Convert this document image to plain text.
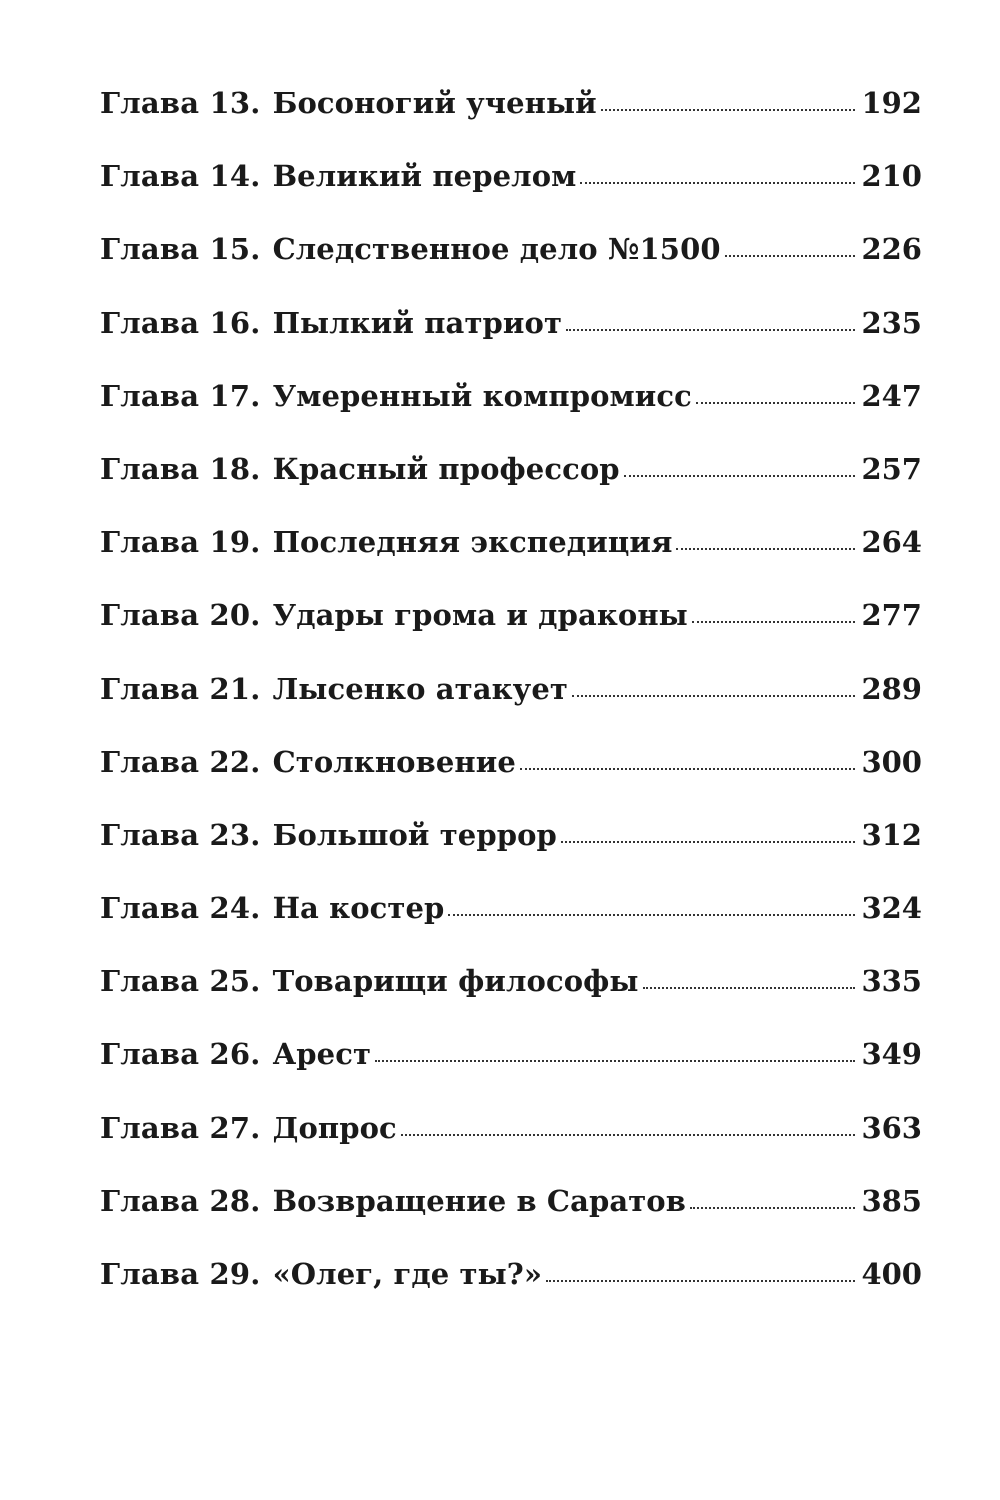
Глава 13. Босоногий ученый	192
Глава 14. Великий перелом	210
Глава 15. Следственное дело №1500	226
Глава 16. Пылкий патриот	235
Глава 17. Умеренный компромисс	247
Глава 18. Красный профессор	257
Глава 19. Последняя экспедиция	264
Глава 20. Удары грома и драконы	277
Глава 21. Лысенко атакует	289
Глава 22. Столкновение	300
Глава 23. Большой террор	312
Глава 24. На костер	324
Глава 25. Товарищи философы	335
Глава 26. Арест	349
Глава 27. Допрос	363
Глава 28. Возвращение в Саратов	385
Глава 29. «Олег, где ты?»	400
